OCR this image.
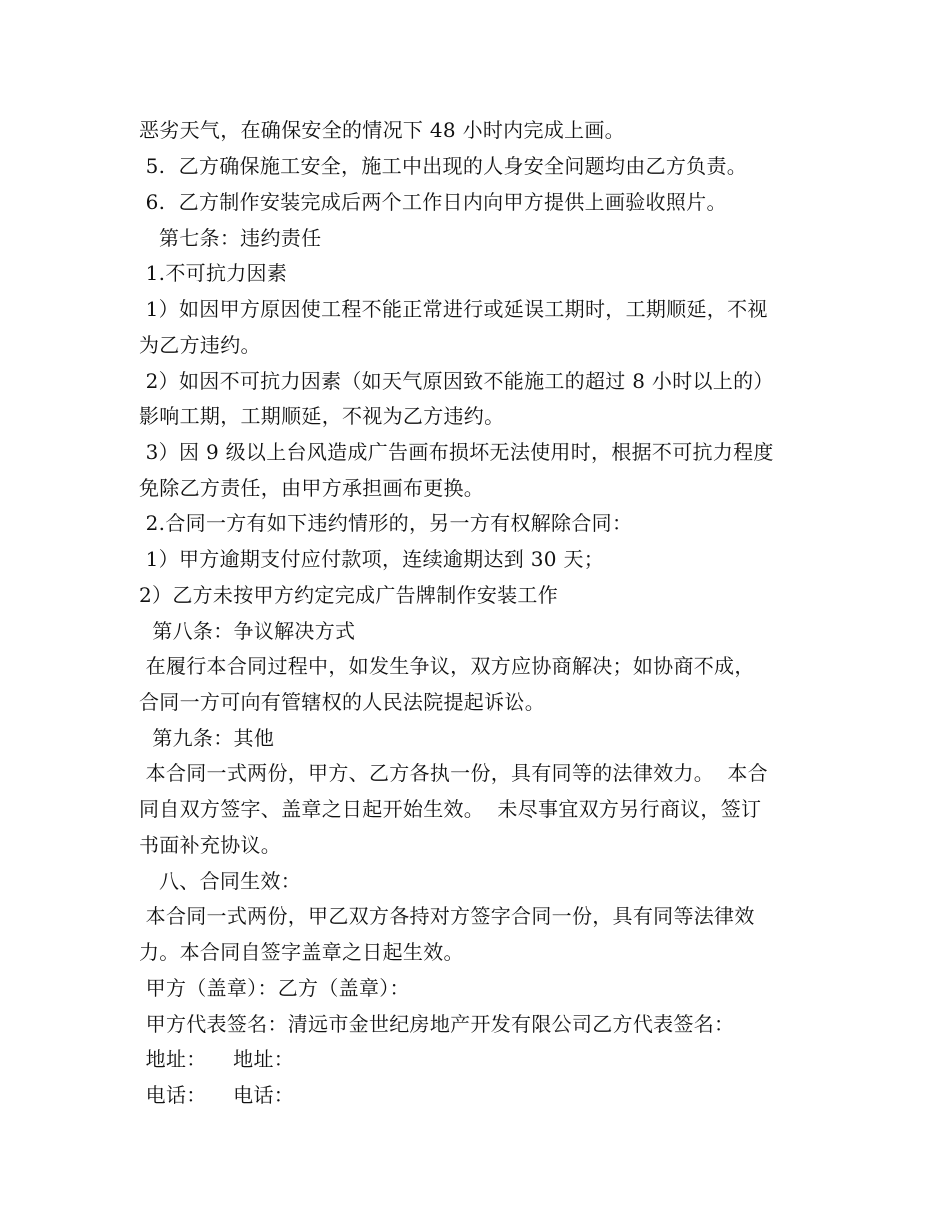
恶劣天气，在确保安全的情况下 48 小时内完成上画。
5.  乙方确保施工安全，施工中出现的人身安全问题均由乙方负责。
6.  乙方制作安装完成后两个工作日内向甲方提供上画验收照片。
第七条：违约责任
1.不可抗力因素
1）如因甲方原因使工程不能正常进行或延误工期时，工期顺延，不视
为乙方违约。
2）如因不可抗力因素（如天气原因致不能施工的超过 8 小时以上的）
影响工期，工期顺延，不视为乙方违约。
3）因 9 级以上台风造成广告画布损坏无法使用时，根据不可抗力程度
免除乙方责任，由甲方承担画布更换。
2.合同一方有如下违约情形的，另一方有权解除合同：
1）甲方逾期支付应付款项，连续逾期达到 30 天；
2）乙方未按甲方约定完成广告牌制作安装工作
第八条：争议解决方式
在履行本合同过程中，如发生争议，双方应协商解决；如协商不成，
合同一方可向有管辖权的人民法院提起诉讼。
第九条：其他
本合同一式两份，甲方、乙方各执一份，具有同等的法律效力。  本合
同自双方签字、盖章之日起开始生效。  未尽事宜双方另行商议，签订
书面补充协议。
八、合同生效：
本合同一式两份，甲乙双方各持对方签字合同一份，具有同等法律效
力。本合同自签字盖章之日起生效。
甲方（盖章）：乙方（盖章）：
甲方代表签名：清远市金世纪房地产开发有限公司乙方代表签名：
地址：    地址：
电话：    电话：
